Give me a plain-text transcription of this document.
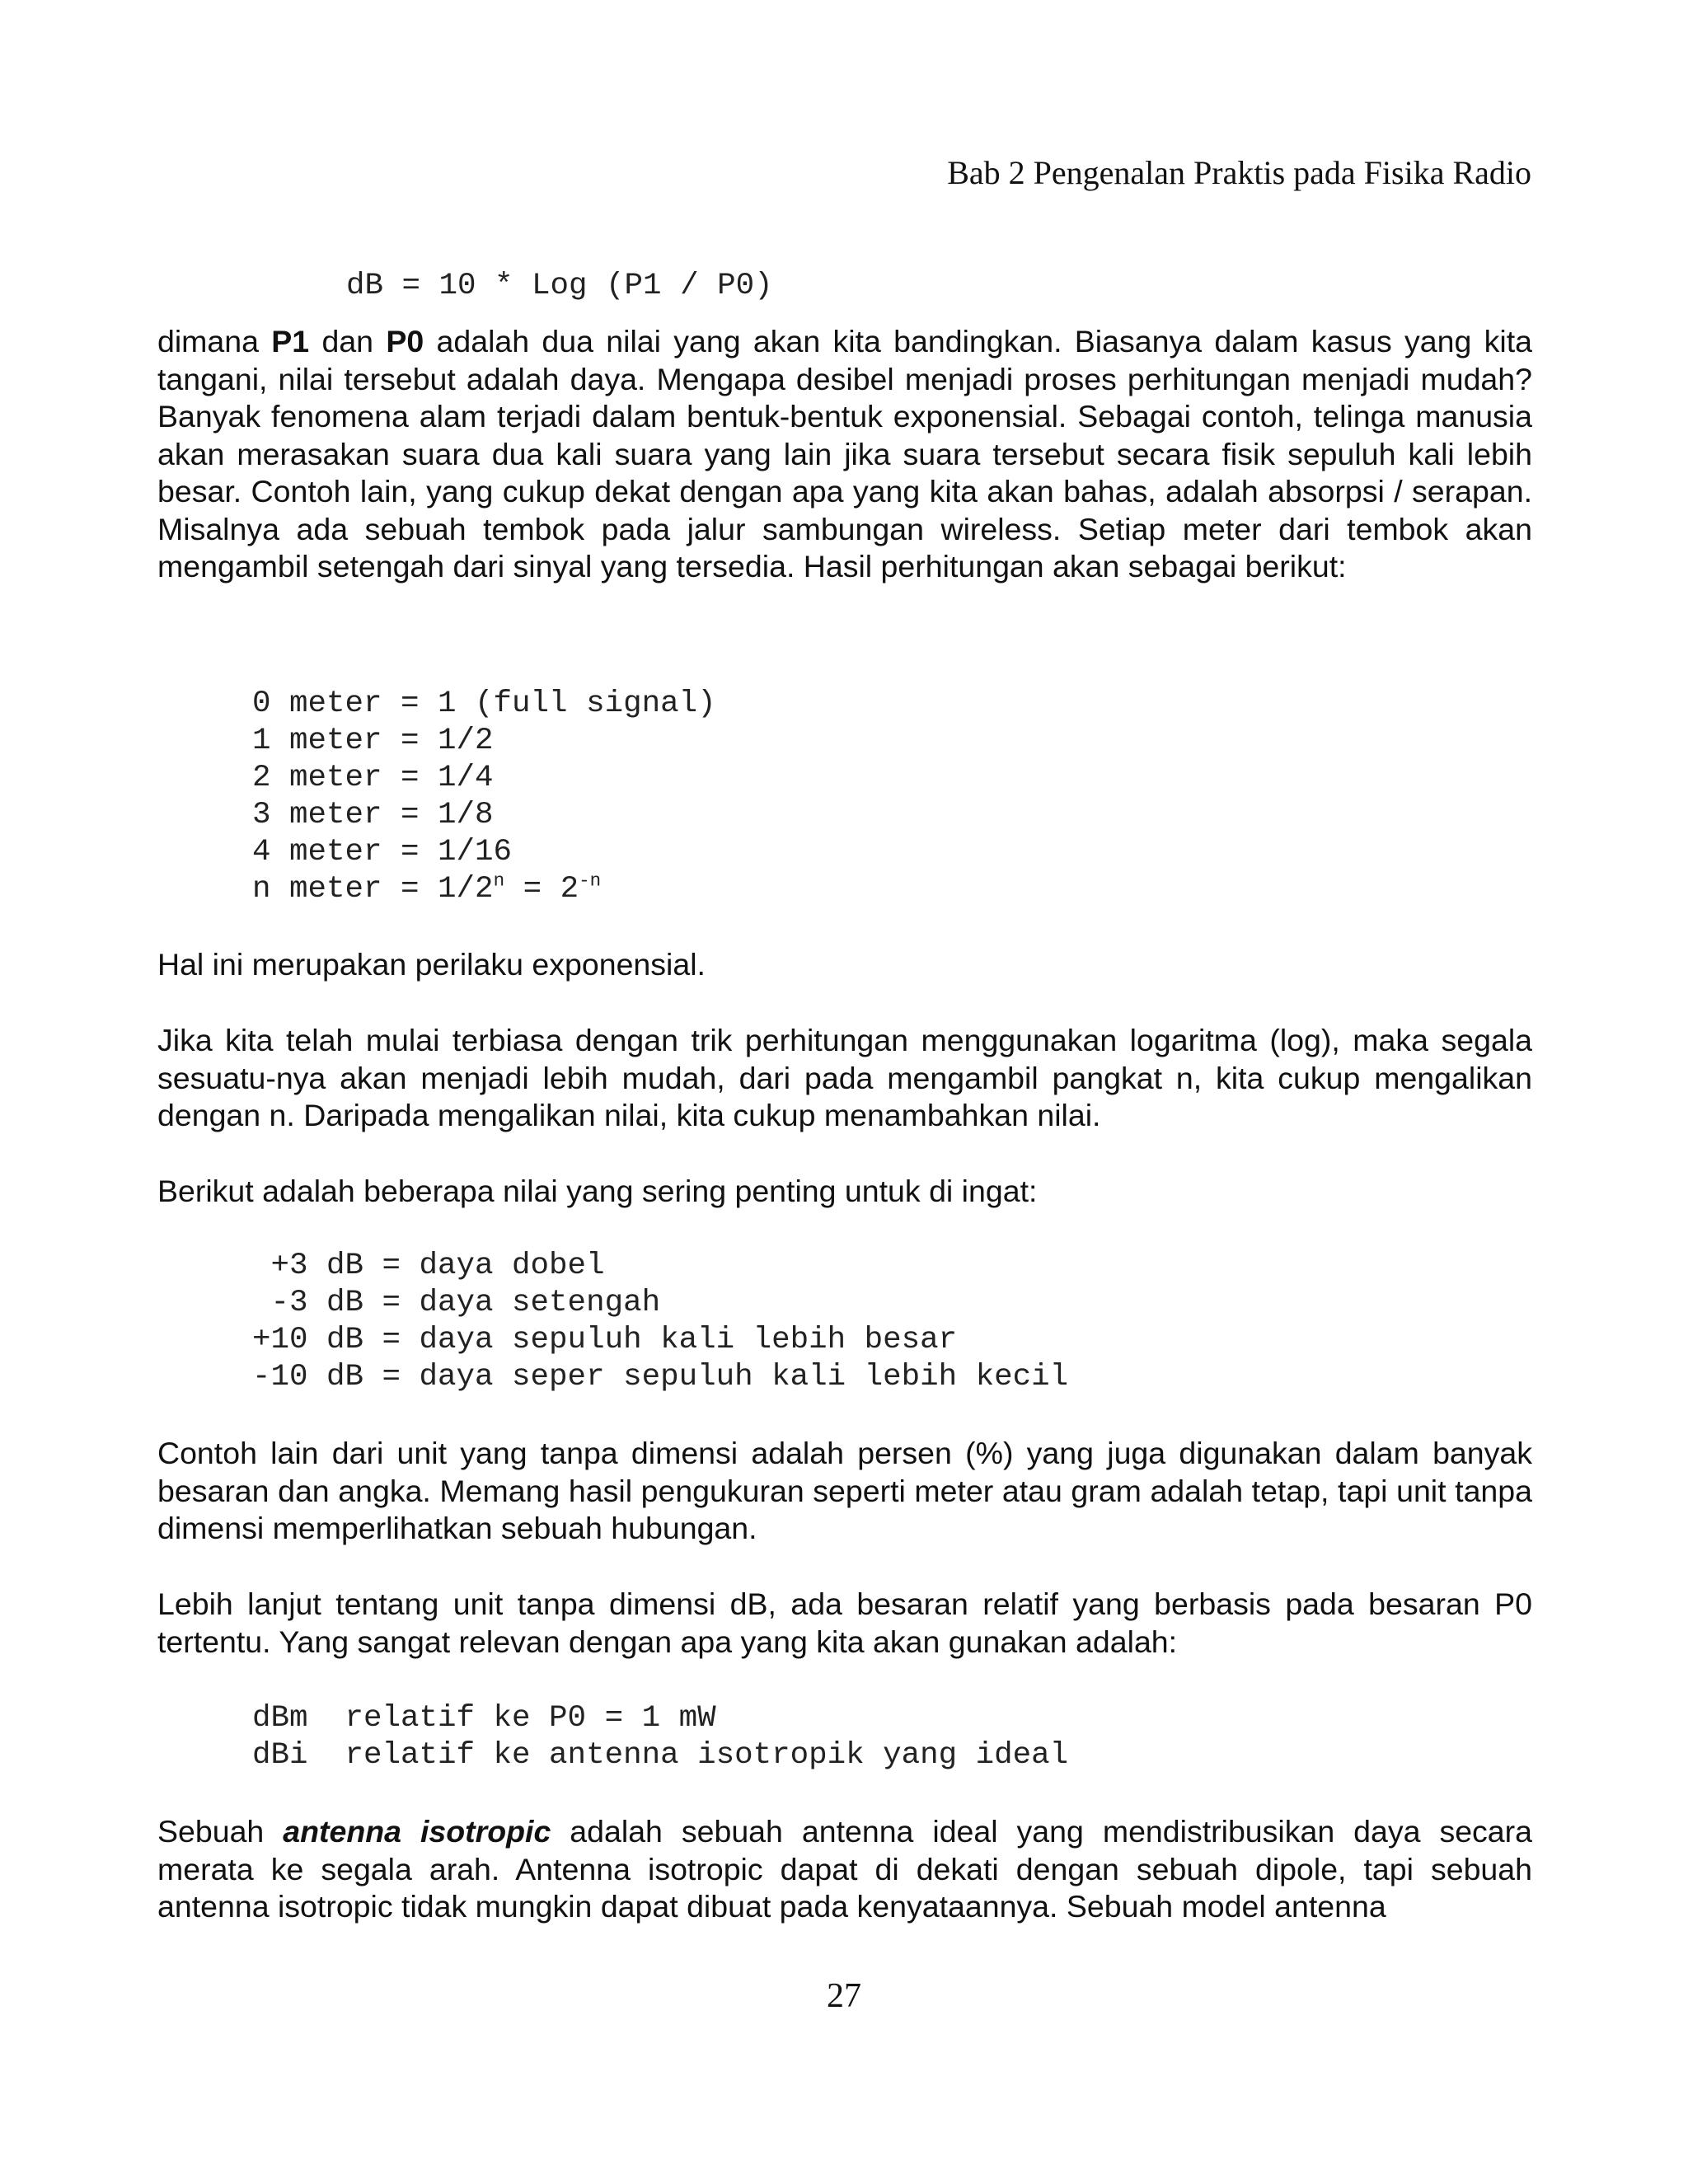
Bab 2 Pengenalan Praktis pada Fisika Radio
dB = 10 * Log (P1 / P0)

dimana P1 dan P0 adalah dua nilai yang akan kita bandingkan. Biasanya dalam kasus yang kita tangani, nilai tersebut adalah daya. Mengapa desibel menjadi proses perhitungan menjadi mudah? Banyak fenomena alam terjadi dalam bentuk-bentuk exponensial. Sebagai contoh, telinga manusia akan merasakan suara dua kali suara yang lain jika suara tersebut secara fisik sepuluh kali lebih besar. Contoh lain, yang cukup dekat dengan apa yang kita akan bahas, adalah absorpsi / serapan. Misalnya ada sebuah tembok pada jalur sambungan wireless. Setiap meter dari tembok akan mengambil setengah dari sinyal yang tersedia. Hasil perhitungan akan sebagai berikut:

0 meter = 1 (full signal)
1 meter = 1/2
2 meter = 1/4
3 meter = 1/8
4 meter = 1/16
n meter = $1/2^n = 2^{-n}$

Hal ini merupakan perilaku exponensial.

Jika kita telah mulai terbiasa dengan trik perhitungan menggunakan logaritma (log), maka segala sesuatu-nya akan menjadi lebih mudah, dari pada mengambil pangkat n, kita cukup mengalikan dengan n. Daripada mengalikan nilai, kita cukup menambahkan nilai.

Berikut adalah beberapa nilai yang sering penting untuk di ingat:

+3 dB = daya dobel
-3 dB = daya setengah
+10 dB = daya sepuluh kali lebih besar
-10 dB = daya seper sepuluh kali lebih kecil

Contoh lain dari unit yang tanpa dimensi adalah persen (%) yang juga digunakan dalam banyak besaran dan angka. Memang hasil pengukuran seperti meter atau gram adalah tetap, tapi unit tanpa dimensi memperlihatkan sebuah hubungan.

Lebih lanjut tentang unit tanpa dimensi dB, ada besaran relatif yang berbasis pada besaran P0 tertentu. Yang sangat relevan dengan apa yang kita akan gunakan adalah:

dBm  relatif ke P0 = 1 mW
dBi  relatif ke antenna isotropik yang ideal

Sebuah antenna isotropic adalah sebuah antenna ideal yang mendistribusikan daya secara merata ke segala arah. Antenna isotropic dapat di dekati dengan sebuah dipole, tapi sebuah antenna isotropic tidak mungkin dapat dibuat pada kenyataannya. Sebuah model antenna

27
